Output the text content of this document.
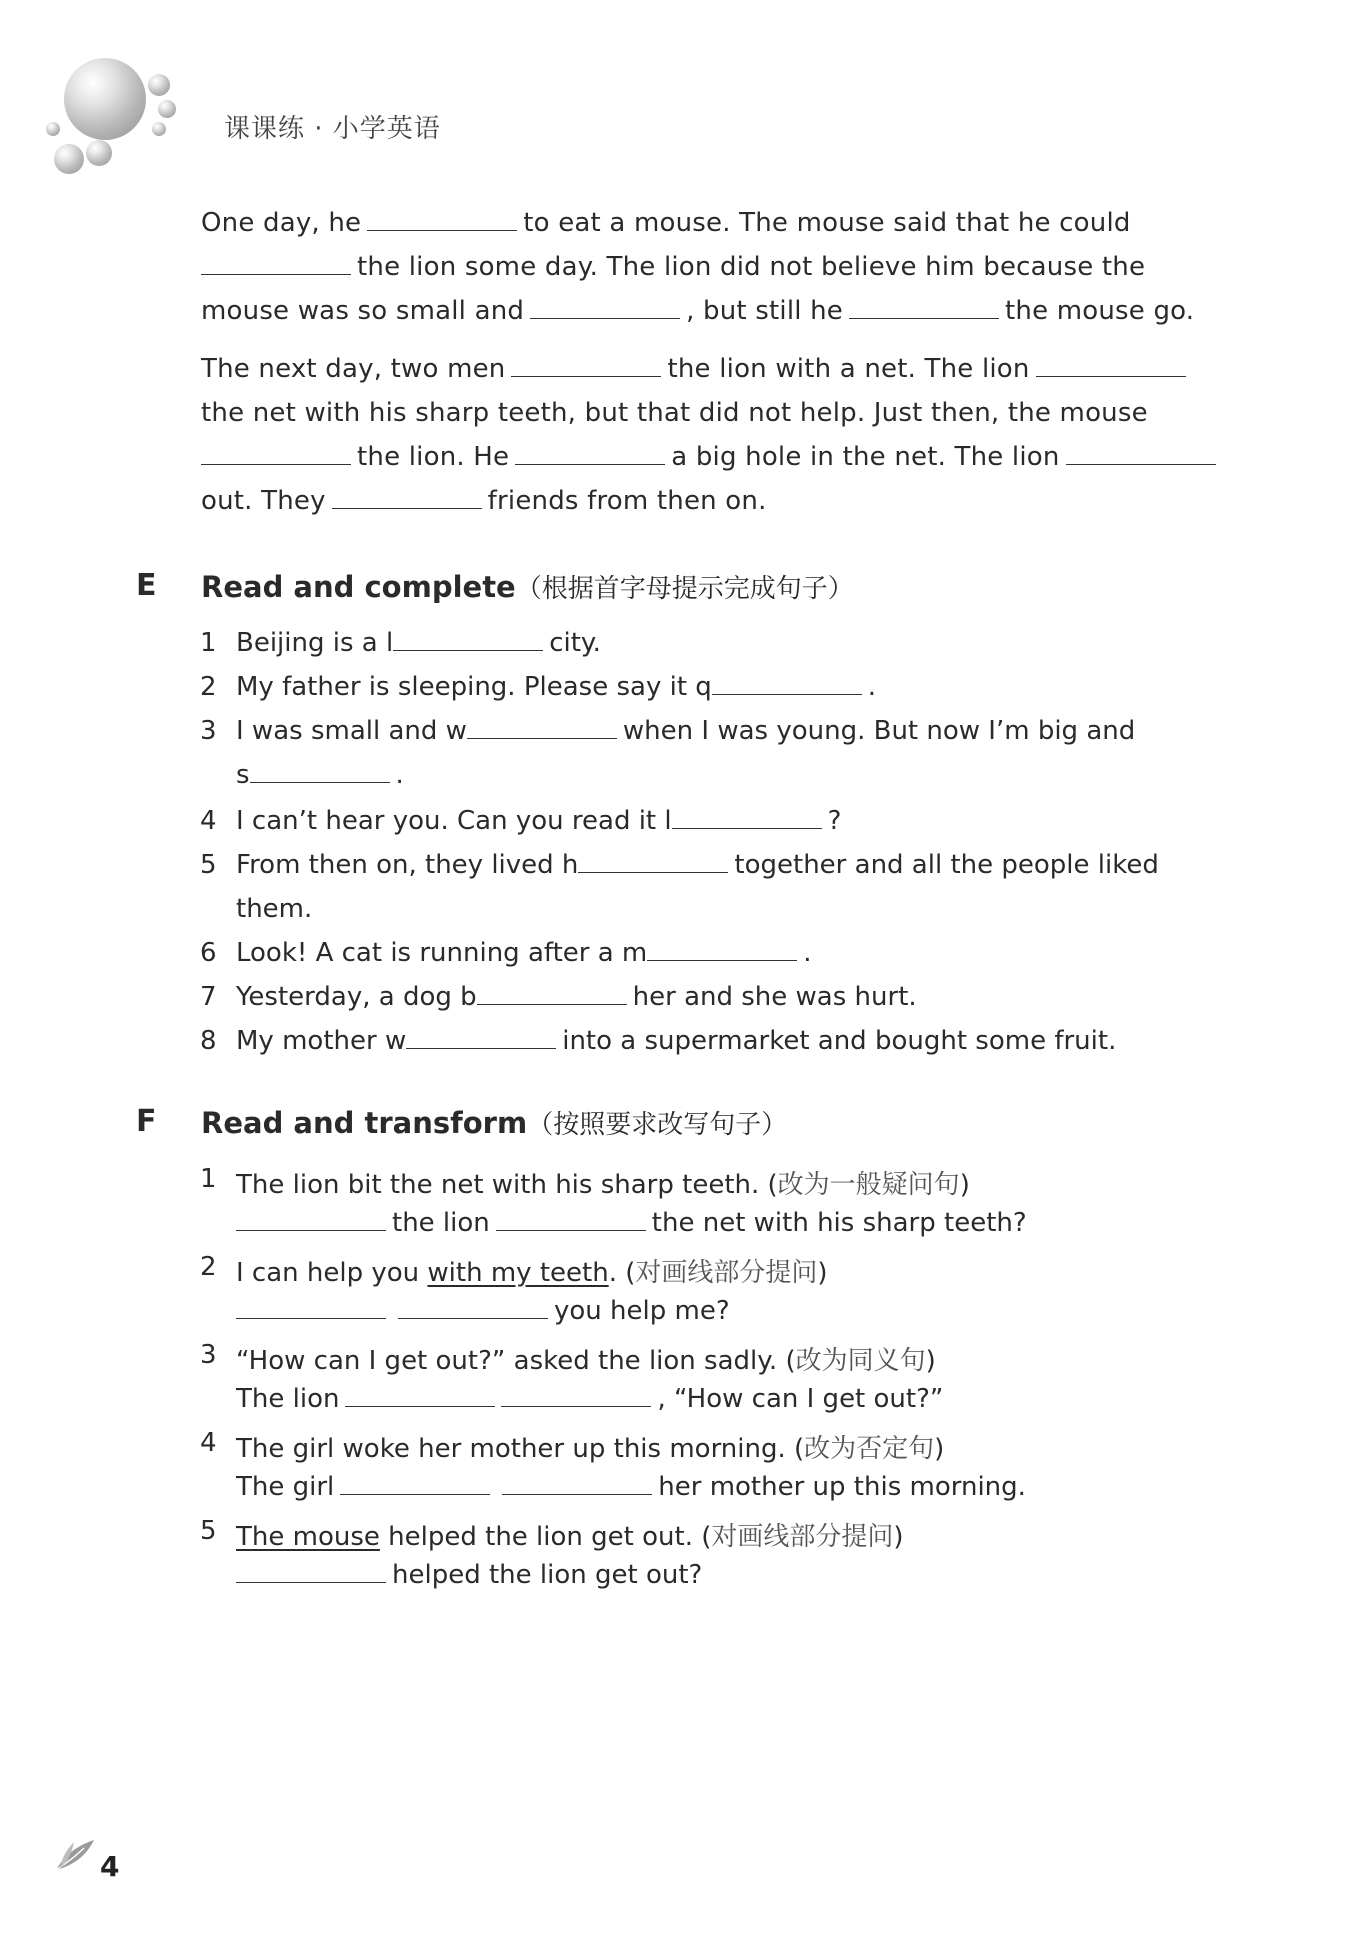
课课练 · 小学英语
One day, he	to eat a mouse. The mouse said that he could
the lion some day. The lion did not believe him because the
mouse was so small and	, but still he	the mouse go.
The next day, two men	the lion with a net. The lion
the net with his sharp teeth, but that did not help. Just then, the mouse
the lion. He	a big hole in the net. The lion
out. They	friends from then on.
E Read and complete（根据首字母提示完成句子）
1 Beijing is a l	city.
2 My father is sleeping. Please say it q	.
3 I was small and w	when I was young. But now I’m big and
s	.
4 I can’t hear you. Can you read it l	?
5 From then on, they lived h	together and all the people liked
them.
6 Look! A cat is running after a m	.
7 Yesterday, a dog b	her and she was hurt.
8 My mother w	into a supermarket and bought some fruit.
F Read and transform（按照要求改写句子）
1 The lion bit the net with his sharp teeth. (改为一般疑问句)
the lion	the net with his sharp teeth?
2 I can help you with my teeth. (对画线部分提问)
you help me?
3 “How can I get out?” asked the lion sadly. (改为同义句)
The lion	, “How can I get out?”
4 The girl woke her mother up this morning. (改为否定句)
The girl	her mother up this morning.
5 The mouse helped the lion get out. (对画线部分提问)
helped the lion get out?
4
